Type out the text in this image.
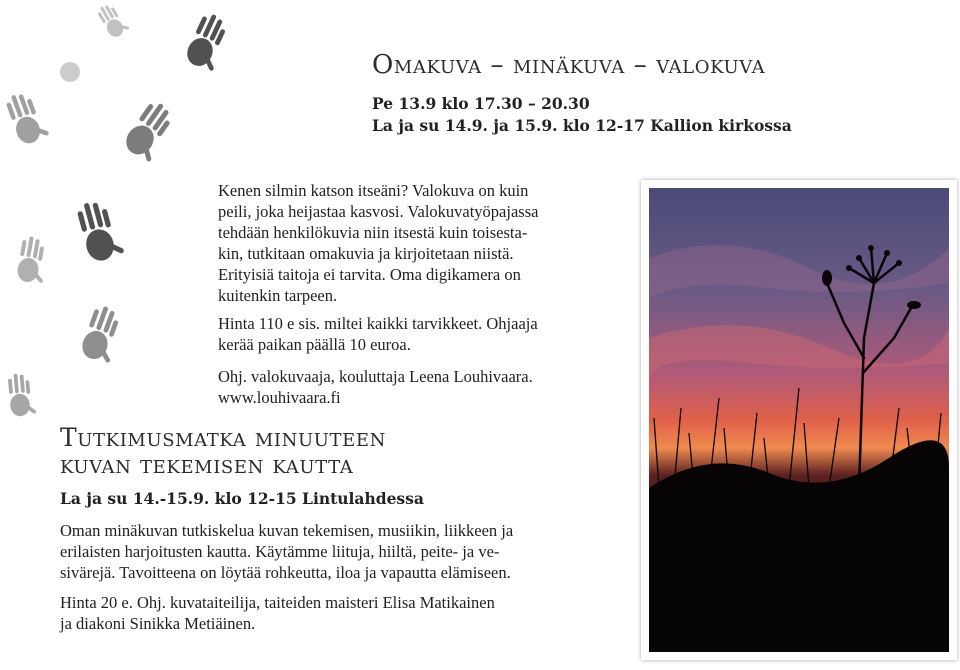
Omakuva – minäkuva – valokuva
Pe 13.9 klo 17.30 – 20.30
La ja su 14.9. ja 15.9. klo 12-17 Kallion kirkossa

Kenen silmin katson itseäni? Valokuva on kuin
peili, joka heijastaa kasvosi. Valokuvatyöpajassa
tehdään henkilökuvia niin itsestä kuin toisesta-
kin, tutkitaan omakuvia ja kirjoitetaan niistä.
Erityisiä taitoja ei tarvita. Oma digikamera on
kuitenkin tarpeen.

Hinta 110 e sis. miltei kaikki tarvikkeet. Ohjaaja
kerää paikan päällä 10 euroa.

Ohj. valokuvaaja, kouluttaja Leena Louhivaara.
www.louhivaara.fi

Tutkimusmatka minuuteen
kuvan tekemisen kautta
La ja su 14.-15.9. klo 12-15 Lintulahdessa

Oman minäkuvan tutkiskelua kuvan tekemisen, musiikin, liikkeen ja
erilaisten harjoitusten kautta. Käytämme liituja, hiiltä, peite- ja ve-
sivärejä. Tavoitteena on löytää rohkeutta, iloa ja vapautta elämiseen.

Hinta 20 e. Ohj. kuvataiteilija, taiteiden maisteri Elisa Matikainen
ja diakoni Sinikka Metiäinen.
